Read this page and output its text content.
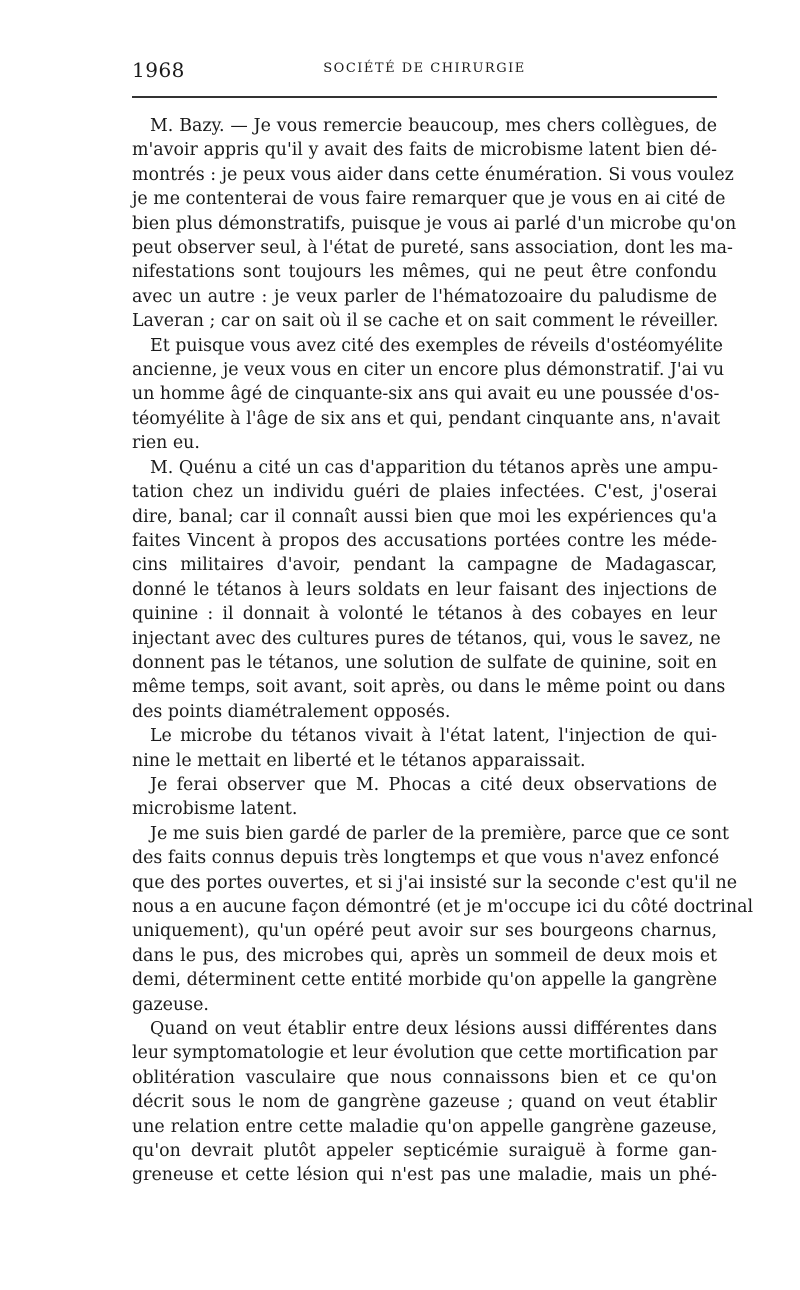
1968	SOCIÉTÉ DE CHIRURGIE
M. Bazy. — Je vous remercie beaucoup, mes chers collègues, de
m'avoir appris qu'il y avait des faits de microbisme latent bien dé-
montrés : je peux vous aider dans cette énumération. Si vous voulez
je me contenterai de vous faire remarquer que je vous en ai cité de
bien plus démonstratifs, puisque je vous ai parlé d'un microbe qu'on
peut observer seul, à l'état de pureté, sans association, dont les ma-
nifestations sont toujours les mêmes, qui ne peut être confondu
avec un autre : je veux parler de l'hématozoaire du paludisme de
Laveran ; car on sait où il se cache et on sait comment le réveiller.
Et puisque vous avez cité des exemples de réveils d'ostéomyélite
ancienne, je veux vous en citer un encore plus démonstratif. J'ai vu
un homme âgé de cinquante-six ans qui avait eu une poussée d'os-
téomyélite à l'âge de six ans et qui, pendant cinquante ans, n'avait
rien eu.
M. Quénu a cité un cas d'apparition du tétanos après une ampu-
tation chez un individu guéri de plaies infectées. C'est, j'oserai
dire, banal; car il connaît aussi bien que moi les expériences qu'a
faites Vincent à propos des accusations portées contre les méde-
cins militaires d'avoir, pendant la campagne de Madagascar,
donné le tétanos à leurs soldats en leur faisant des injections de
quinine : il donnait à volonté le tétanos à des cobayes en leur
injectant avec des cultures pures de tétanos, qui, vous le savez, ne
donnent pas le tétanos, une solution de sulfate de quinine, soit en
même temps, soit avant, soit après, ou dans le même point ou dans
des points diamétralement opposés.
Le microbe du tétanos vivait à l'état latent, l'injection de qui-
nine le mettait en liberté et le tétanos apparaissait.
Je ferai observer que M. Phocas a cité deux observations de
microbisme latent.
Je me suis bien gardé de parler de la première, parce que ce sont
des faits connus depuis très longtemps et que vous n'avez enfoncé
que des portes ouvertes, et si j'ai insisté sur la seconde c'est qu'il ne
nous a en aucune façon démontré (et je m'occupe ici du côté doctrinal
uniquement), qu'un opéré peut avoir sur ses bourgeons charnus,
dans le pus, des microbes qui, après un sommeil de deux mois et
demi, déterminent cette entité morbide qu'on appelle la gangrène
gazeuse.
Quand on veut établir entre deux lésions aussi différentes dans
leur symptomatologie et leur évolution que cette mortification par
oblitération vasculaire que nous connaissons bien et ce qu'on
décrit sous le nom de gangrène gazeuse ; quand on veut établir
une relation entre cette maladie qu'on appelle gangrène gazeuse,
qu'on devrait plutôt appeler septicémie suraiguë à forme gan-
greneuse et cette lésion qui n'est pas une maladie, mais un phé-
